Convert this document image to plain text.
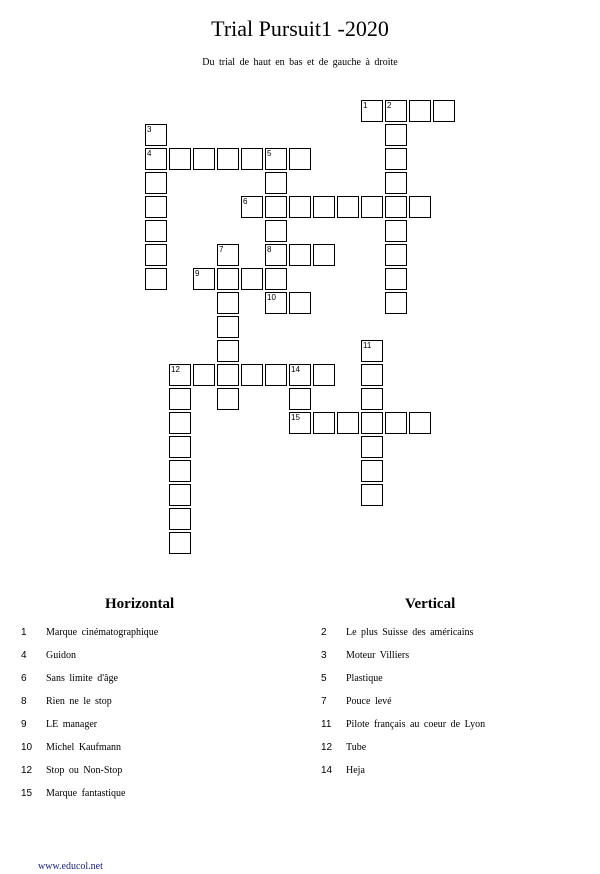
Trial Pursuit1 -2020
Du trial de haut en bas et de gauche à droite
1 2
3
4	5
8
6
7
9
10
11
12	14
15
Horizontal	Vertical
1	Marque cinématographique
4	Guidon
6	Sans limite d'âge
8	Rien ne le stop
9	LE manager
10	Michel Kaufmann
12	Stop ou Non-Stop
15	Marque fantastique
2	Le plus Suisse des américains
3	Moteur Villiers
5	Plastique
7	Pouce levé
11	Pilote français au coeur de Lyon
12	Tube
14	Heja
www.educol.net
